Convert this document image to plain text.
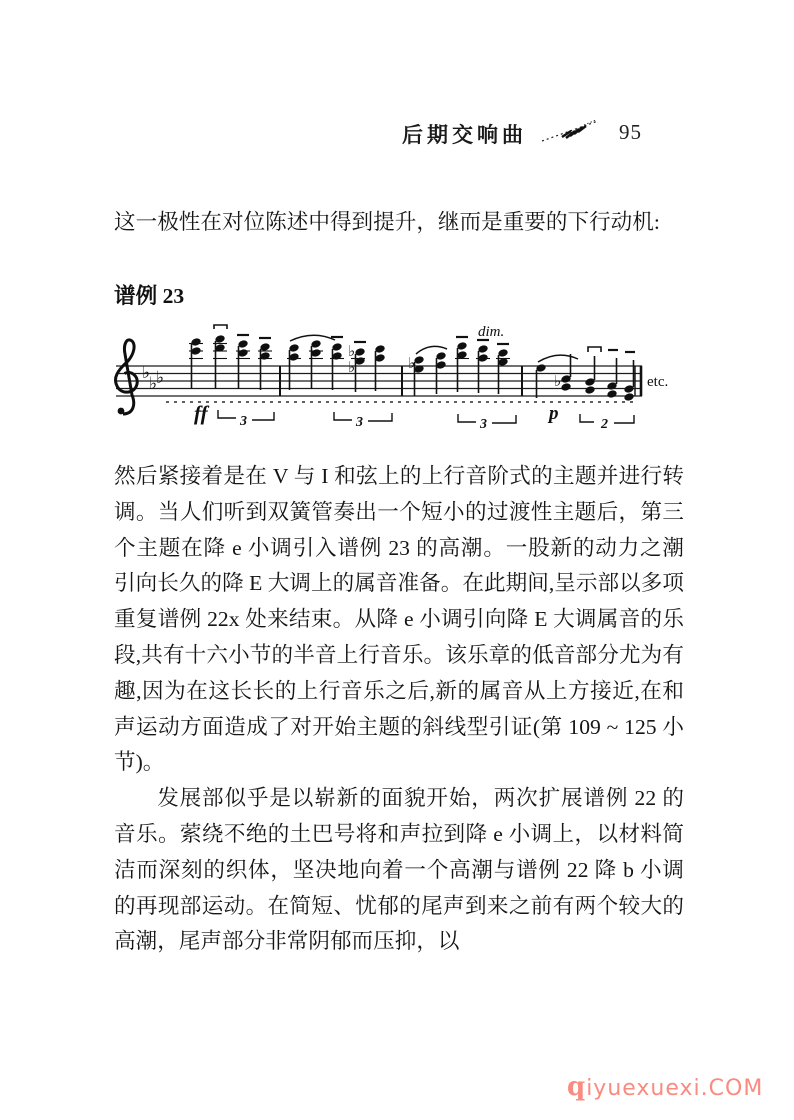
后期交响曲	95
这一极性在对位陈述中得到提升，继而是重要的下行动机:
谱例 23
♭
♭
♭
ff 3
♭
♭
3
dim.
♭
3
♭
p
2
etc.

然后紧接着是在 V 与 I 和弦上的上行音阶式的主题并进行转调。当人们听到双簧管奏出一个短小的过渡性主题后，第三个主题在降 e 小调引入谱例 23 的高潮。一股新的动力之潮引向长久的降 E 大调上的属音准备。在此期间,呈示部以多项重复谱例 22x 处来结束。从降 e 小调引向降 E 大调属音的乐段,共有十六小节的半音上行音乐。该乐章的低音部分尤为有趣,因为在这长长的上行音乐之后,新的属音从上方接近,在和声运动方面造成了对开始主题的斜线型引证(第 109 ~ 125 小节)。

发展部似乎是以崭新的面貌开始，两次扩展谱例 22 的音乐。萦绕不绝的土巴号将和声拉到降 e 小调上，以材料简洁而深刻的织体，坚决地向着一个高潮与谱例 22 降 b 小调的再现部运动。在简短、忧郁的尾声到来之前有两个较大的高潮，尾声部分非常阴郁而压抑，以

qiyuexuexi.COM
